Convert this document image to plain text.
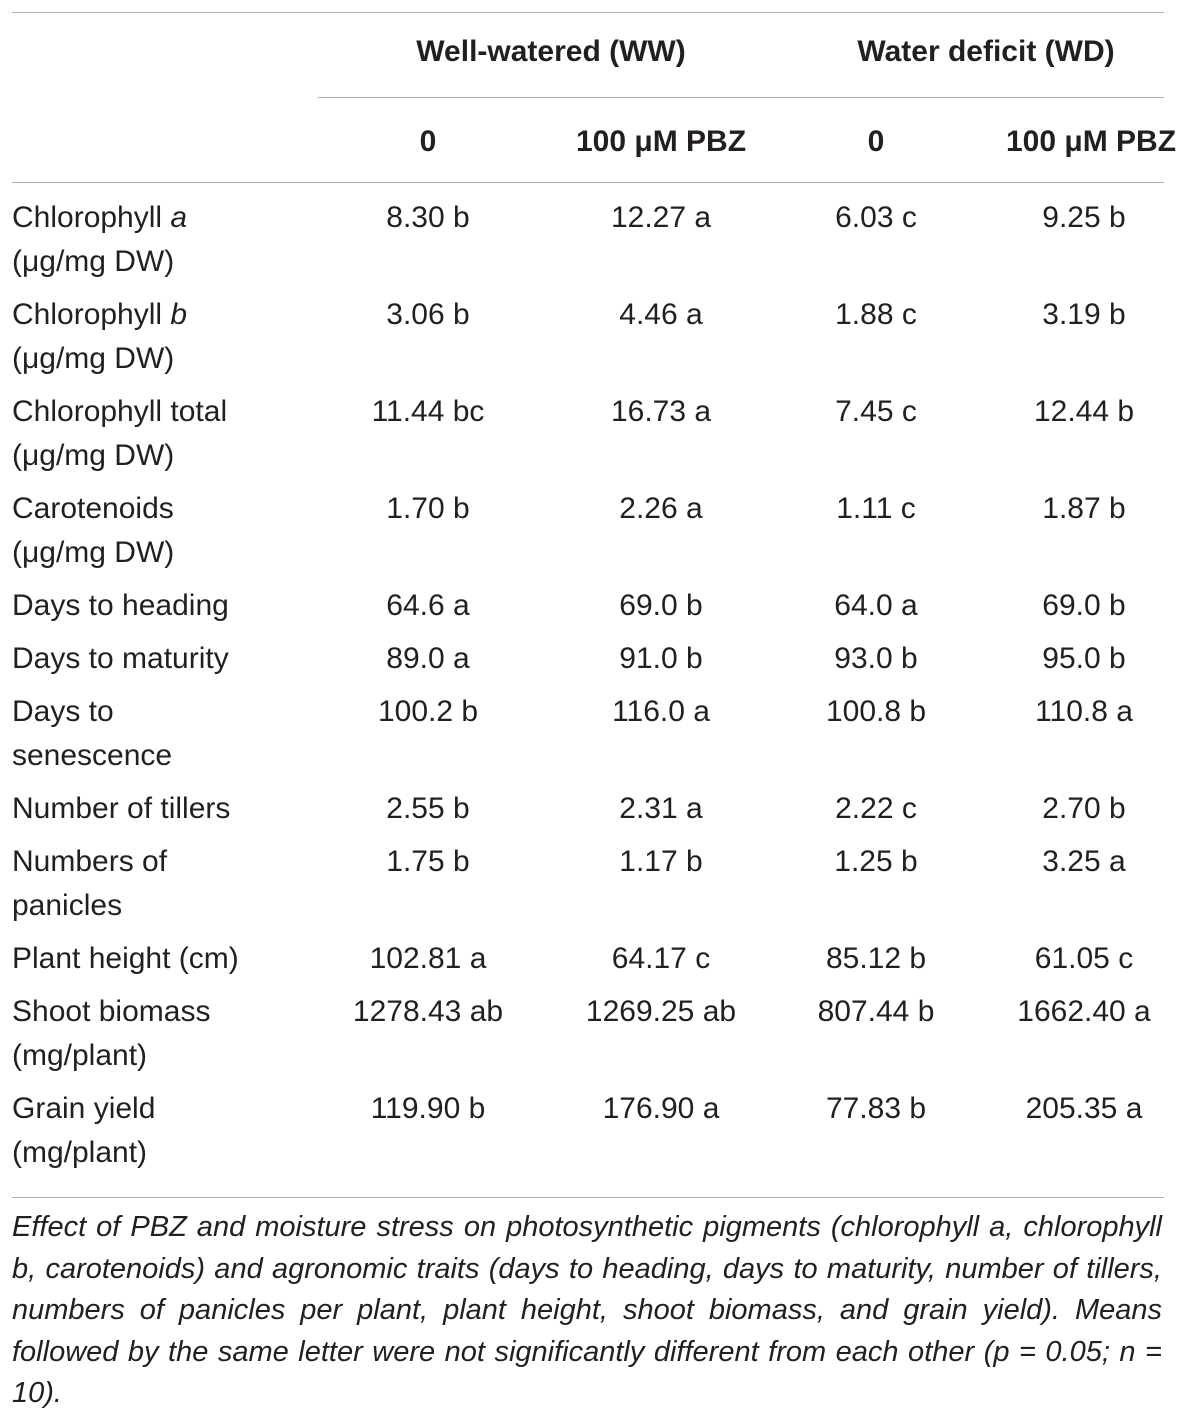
Well-watered (WW)	Water deficit (WD)
0	100 μM PBZ	0	100 μM PBZ
Chlorophyll a
(μg/mg DW)	8.30 b	12.27 a	6.03 c	9.25 b
Chlorophyll b
(μg/mg DW)	3.06 b	4.46 a	1.88 c	3.19 b
Chlorophyll total
(μg/mg DW)	11.44 bc	16.73 a	7.45 c	12.44 b
Carotenoids
(μg/mg DW)	1.70 b	2.26 a	1.11 c	1.87 b
Days to heading	64.6 a	69.0 b	64.0 a	69.0 b
Days to maturity	89.0 a	91.0 b	93.0 b	95.0 b
Days to
senescence	100.2 b	116.0 a	100.8 b	110.8 a
Number of tillers	2.55 b	2.31 a	2.22 c	2.70 b
Numbers of
panicles	1.75 b	1.17 b	1.25 b	3.25 a
Plant height (cm)	102.81 a	64.17 c	85.12 b	61.05 c
Shoot biomass
(mg/plant)	1278.43 ab	1269.25 ab	807.44 b	1662.40 a
Grain yield
(mg/plant)	119.90 b	176.90 a	77.83 b	205.35 a

Effect of PBZ and moisture stress on photosynthetic pigments (chlorophyll a, chlorophyll b, carotenoids) and agronomic traits (days to heading, days to maturity, number of tillers, numbers of panicles per plant, plant height, shoot biomass, and grain yield). Means followed by the same letter were not significantly different from each other (p = 0.05; n = 10).
